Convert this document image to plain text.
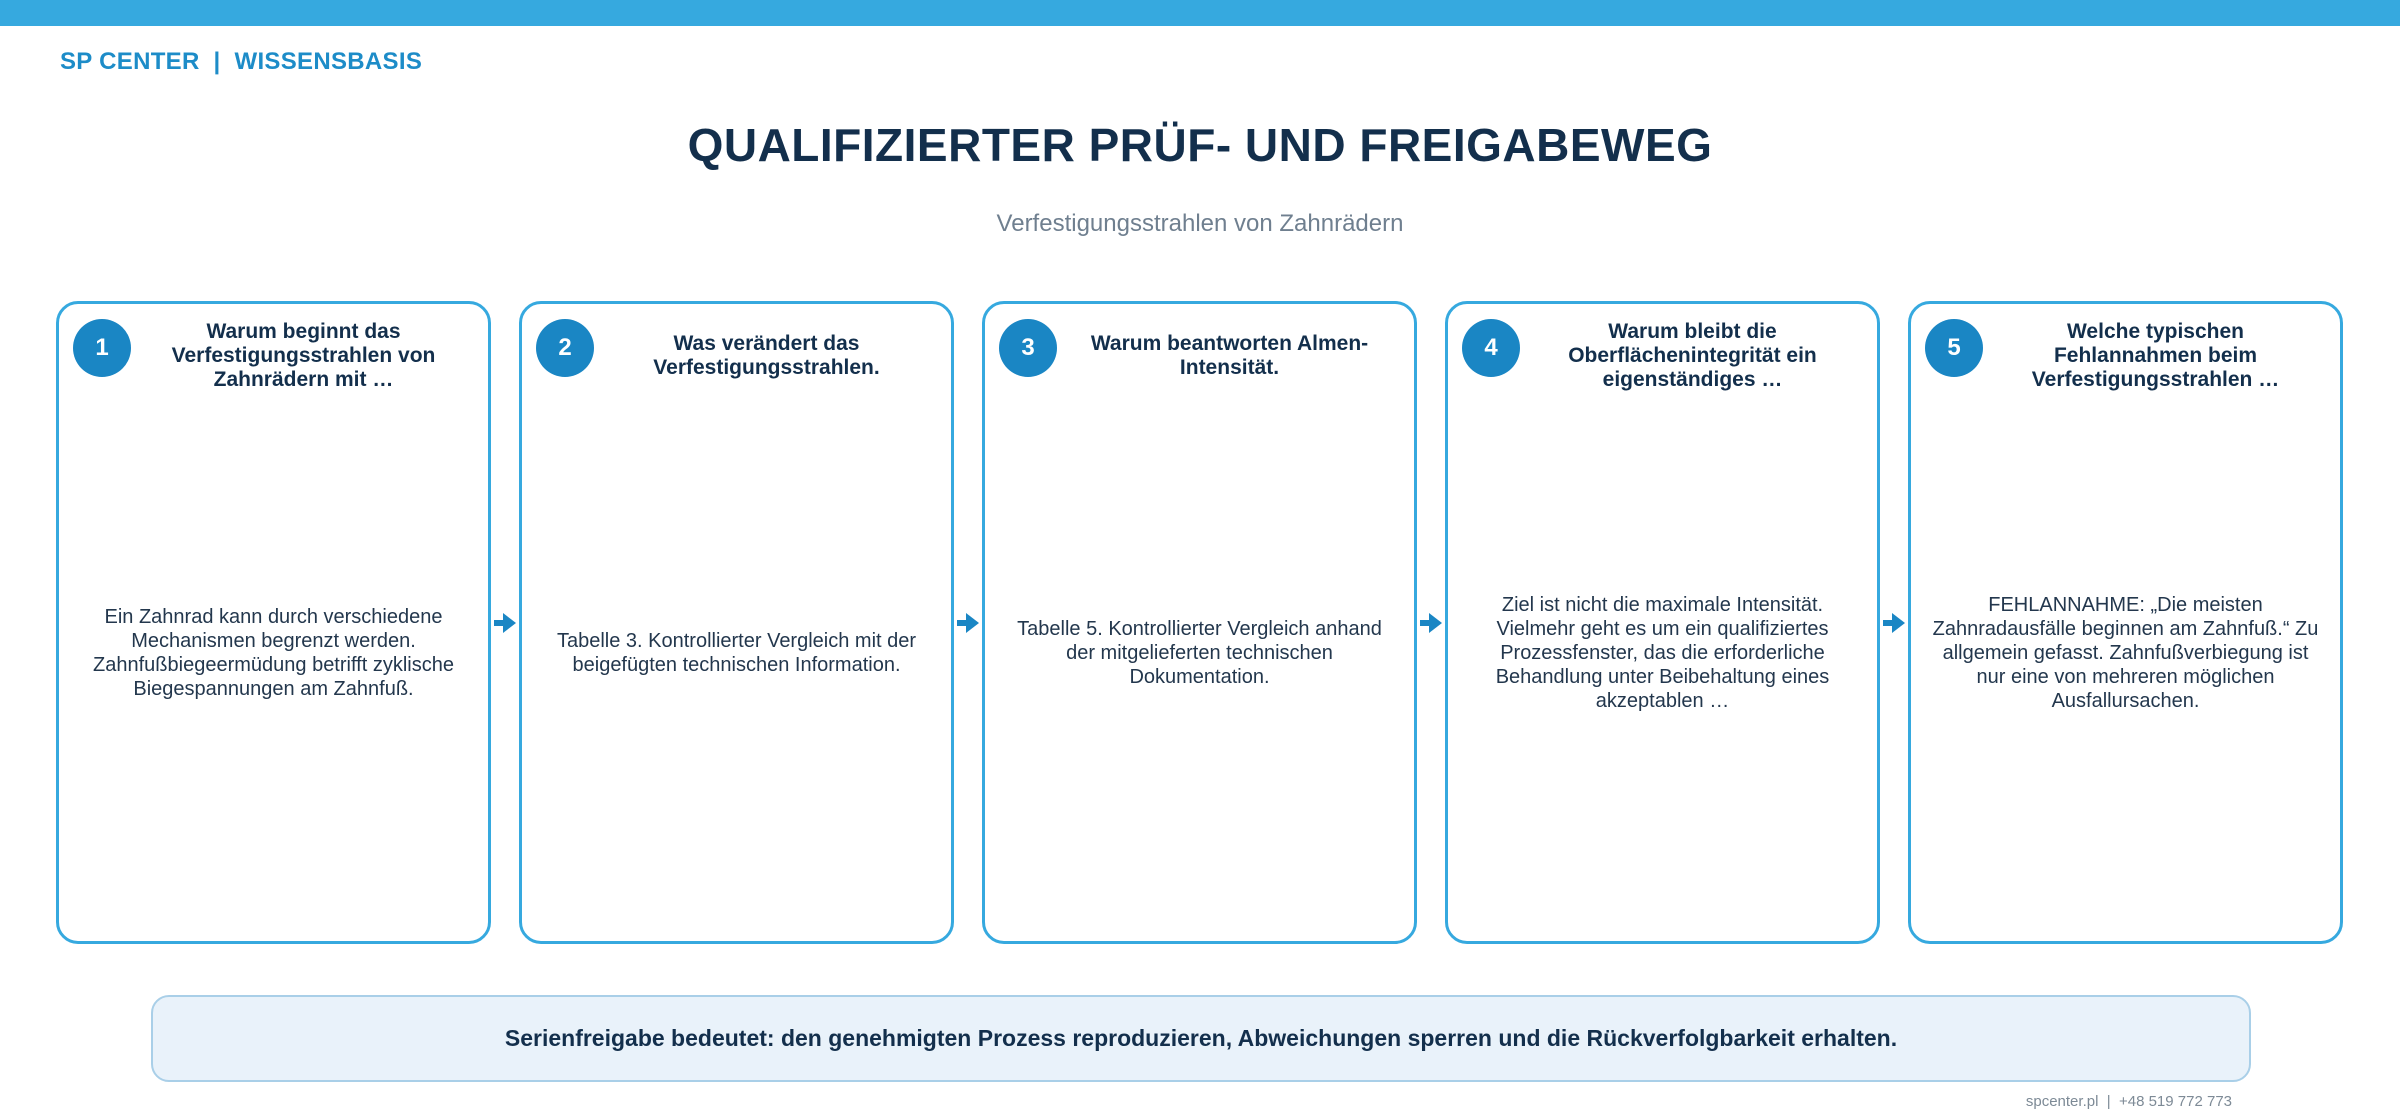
SP CENTER  |  WISSENSBASIS
QUALIFIZIERTER PRÜF- UND FREIGABEWEG
Verfestigungsstrahlen von Zahnrädern
1
Warum beginnt das Verfestigungsstrahlen von Zahnrädern mit …
Ein Zahnrad kann durch verschiedene Mechanismen begrenzt werden. Zahnfußbiegeermüdung betrifft zyklische Biegespannungen am Zahnfuß.
2	Was verändert das Verfestigungsstrahlen.
Tabelle 3. Kontrollierter Vergleich mit der beigefügten technischen Information.
3	Warum beantworten Almen-Intensität.
Tabelle 5. Kontrollierter Vergleich anhand der mitgelieferten technischen Dokumentation.
4
Warum bleibt die Oberflächenintegrität ein eigenständiges …
Ziel ist nicht die maximale Intensität. Vielmehr geht es um ein qualifiziertes Prozessfenster, das die erforderliche Behandlung unter Beibehaltung eines akzeptablen …
5
Welche typischen Fehlannahmen beim Verfestigungsstrahlen …
FEHLANNAHME: „Die meisten Zahnradausfälle beginnen am Zahnfuß.“ Zu allgemein gefasst. Zahnfußverbiegung ist nur eine von mehreren möglichen Ausfallursachen.
Serienfreigabe bedeutet: den genehmigten Prozess reproduzieren, Abweichungen sperren und die Rückverfolgbarkeit erhalten.
spcenter.pl  |  +48 519 772 773
